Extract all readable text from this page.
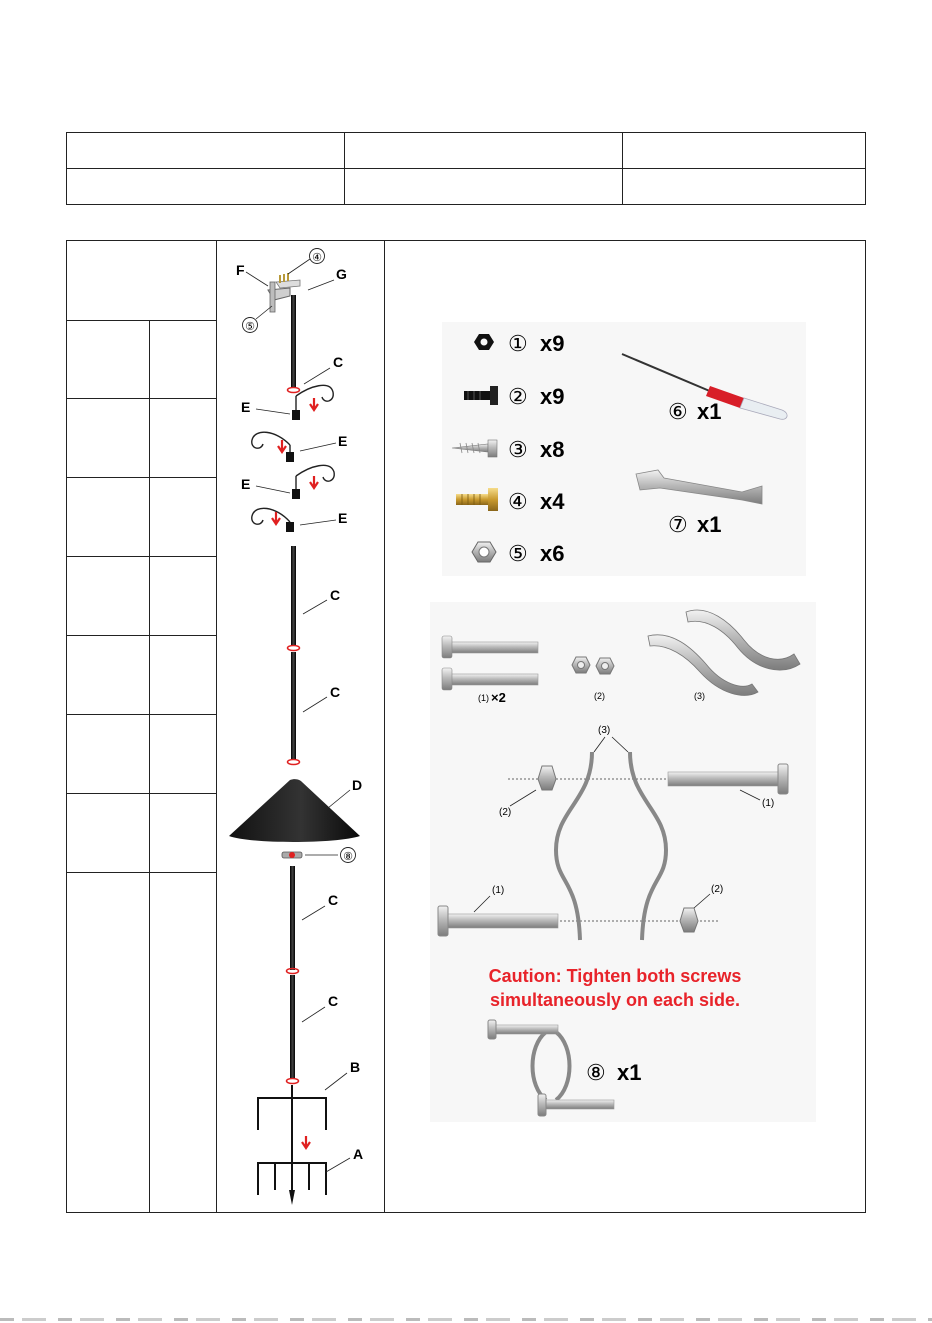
F	G
④
⑤
C
E
E
E
E
C
C
D
⑧
C
C
B
A
① x9
② x9
③ x8
④ x4
⑤ x6
⑥ x1
⑦ x1
(1) ×2	(2)	(3)
(3)
(2)
(1)
(1)	(2)
Caution: Tighten both screws
simultaneously on each side.
⑧ x1
